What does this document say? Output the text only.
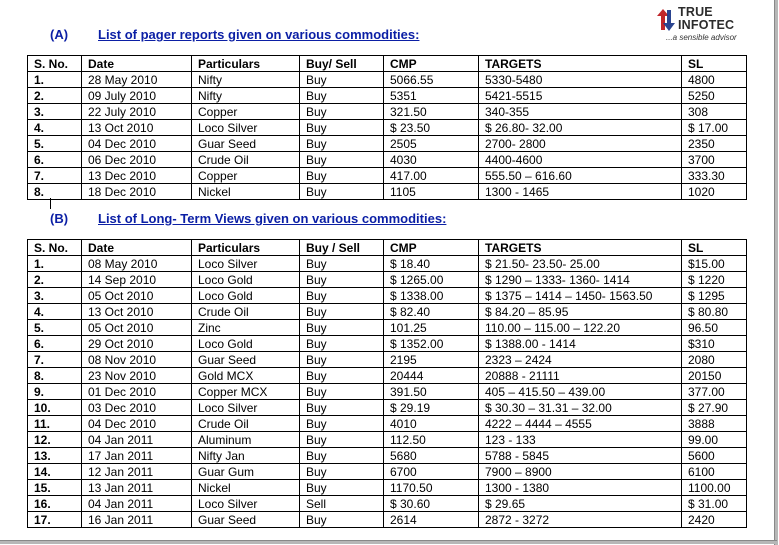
TRUE
INFOTEC
...a sensible advisor
(A) List of pager reports given on various commodities:
S. No.	Date	Particulars	Buy/ Sell	CMP	TARGETS	SL
1.	28 May 2010	Nifty	Buy	5066.55	5330-5480	4800
2.	09 July 2010	Nifty	Buy	5351	5421-5515	5250
3.	22 July 2010	Copper	Buy	321.50	340-355	308
4.	13 Oct 2010	Loco Silver	Buy	$ 23.50	$ 26.80- 32.00	$ 17.00
5.	04 Dec 2010	Guar Seed	Buy	2505	2700- 2800	2350
6.	06 Dec 2010	Crude Oil	Buy	4030	4400-4600	3700
7.	13 Dec 2010	Copper	Buy	417.00	555.50 – 616.60	333.30
8.	18 Dec 2010	Nickel	Buy	1105	1300 - 1465	1020
(B) List of Long- Term Views given on various commodities:
S. No.	Date	Particulars	Buy / Sell	CMP	TARGETS	SL
1.	08 May 2010	Loco Silver	Buy	$ 18.40	$ 21.50- 23.50- 25.00	$15.00
2.	14 Sep 2010	Loco Gold	Buy	$ 1265.00	$ 1290 – 1333- 1360- 1414	$ 1220
3.	05 Oct 2010	Loco Gold	Buy	$ 1338.00	$ 1375 – 1414 – 1450- 1563.50	$ 1295
4.	13 Oct 2010	Crude Oil	Buy	$ 82.40	$ 84.20 – 85.95	$ 80.80
5.	05 Oct 2010	Zinc	Buy	101.25	110.00 – 115.00 – 122.20	96.50
6.	29 Oct 2010	Loco Gold	Buy	$ 1352.00	$ 1388.00 - 1414	$310
7.	08 Nov 2010	Guar Seed	Buy	2195	2323 – 2424	2080
8.	23 Nov 2010	Gold MCX	Buy	20444	20888 - 21111	20150
9.	01 Dec 2010	Copper MCX	Buy	391.50	405 – 415.50 – 439.00	377.00
10.	03 Dec 2010	Loco Silver	Buy	$ 29.19	$ 30.30 – 31.31 – 32.00	$ 27.90
11.	04 Dec 2010	Crude Oil	Buy	4010	4222 – 4444 – 4555	3888
12.	04 Jan 2011	Aluminum	Buy	112.50	123 - 133	99.00
13.	17 Jan 2011	Nifty Jan	Buy	5680	5788 - 5845	5600
14.	12 Jan 2011	Guar Gum	Buy	6700	7900 – 8900	6100
15.	13 Jan 2011	Nickel	Buy	1170.50	1300 - 1380	1100.00
16.	04 Jan 2011	Loco Silver	Sell	$ 30.60	$ 29.65	$ 31.00
17.	16 Jan 2011	Guar Seed	Buy	2614	2872 - 3272	2420
